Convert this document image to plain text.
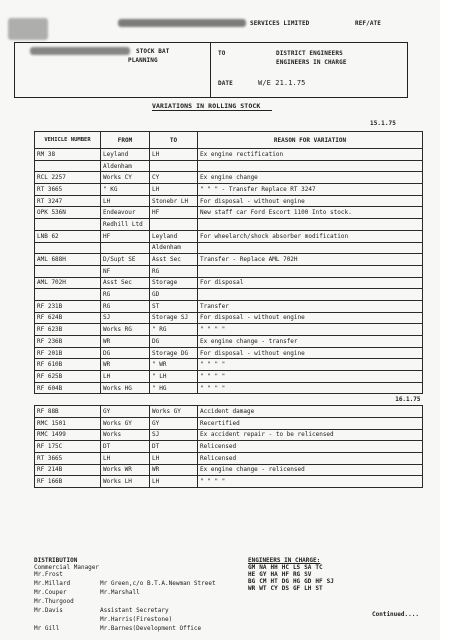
SERVICES LIMITED	REF/ATE
STOCK BAT
PLANNING
TO	DISTRICT ENGINEERS
ENGINEERS IN CHARGE
DATE	W/E 21.1.75
VARIATIONS IN ROLLING STOCK
15.1.75
VEHICLE NUMBER	FROM	TO	REASON FOR VARIATION
RM 38	Leyland	LH	Ex engine rectification
	Aldenham		
RCL 2257	Works CY	CY	Ex engine change
RT 3665	" KG	LH	" " " - Transfer Replace RT 3247
RT 3247	LH	Stonebr LH	For disposal - without engine
OPK 536N	Endeavour	HF	New staff car Ford Escort 1100 Into stock.
	Redhill Ltd		
LNB 62	HF	Leyland	For wheelarch/shock absorber modification
		Aldenham	
AML 688H	D/Supt SE	Asst Sec	Transfer - Replace AML 702H
	NF	RG	
AML 702H	Asst Sec	Storage	For disposal
	RG	GD	
RF 231B	RG	ST	Transfer
RF 624B	SJ	Storage SJ	For disposal - without engine
RF 623B	Works RG	" RG	" " " "
RF 236B	WR	DG	Ex engine change - transfer
RF 201B	DG	Storage DG	For disposal - without engine
RF 610B	WR	" WR	" " " "
RF 625B	LH	" LH	" " " "
RF 604B	Works HG	" HG	" " " "
16.1.75			
RF 88B	GY	Works GY	Accident damage
RMC 1501	Works GY	GY	Recertified
RMC 1499	Works	SJ	Ex accident repair - to be relicensed
RF 175C	DT	DT	Relicensed
RT 3665	LH	LH	Relicensed
RF 214B	Works WR	WR	Ex engine change - relicensed
RF 166B	Works LH	LH	" " " "
DISTRIBUTION
Commercial Manager
Mr.Frost
Mr.Millard
Mr.Couper
Mr.Thurgood
Mr.Davis
Mr Gill
Mr Green,c/o B.T.A.Newman Street
Mr.Marshall
Assistant Secretary
Mr.Harris(Firestone)
Mr.Barnes(Development Office
ENGINEERS IN CHARGE:
GM	NA	HH	HC	LS	SA	TC	
HE	GY	HA	HF	RG	SV		
BG	CM	HT	DG	HG	GD	HF	SJ
WR	WT	CY	DS	GF	LH	ST	
Continued....
